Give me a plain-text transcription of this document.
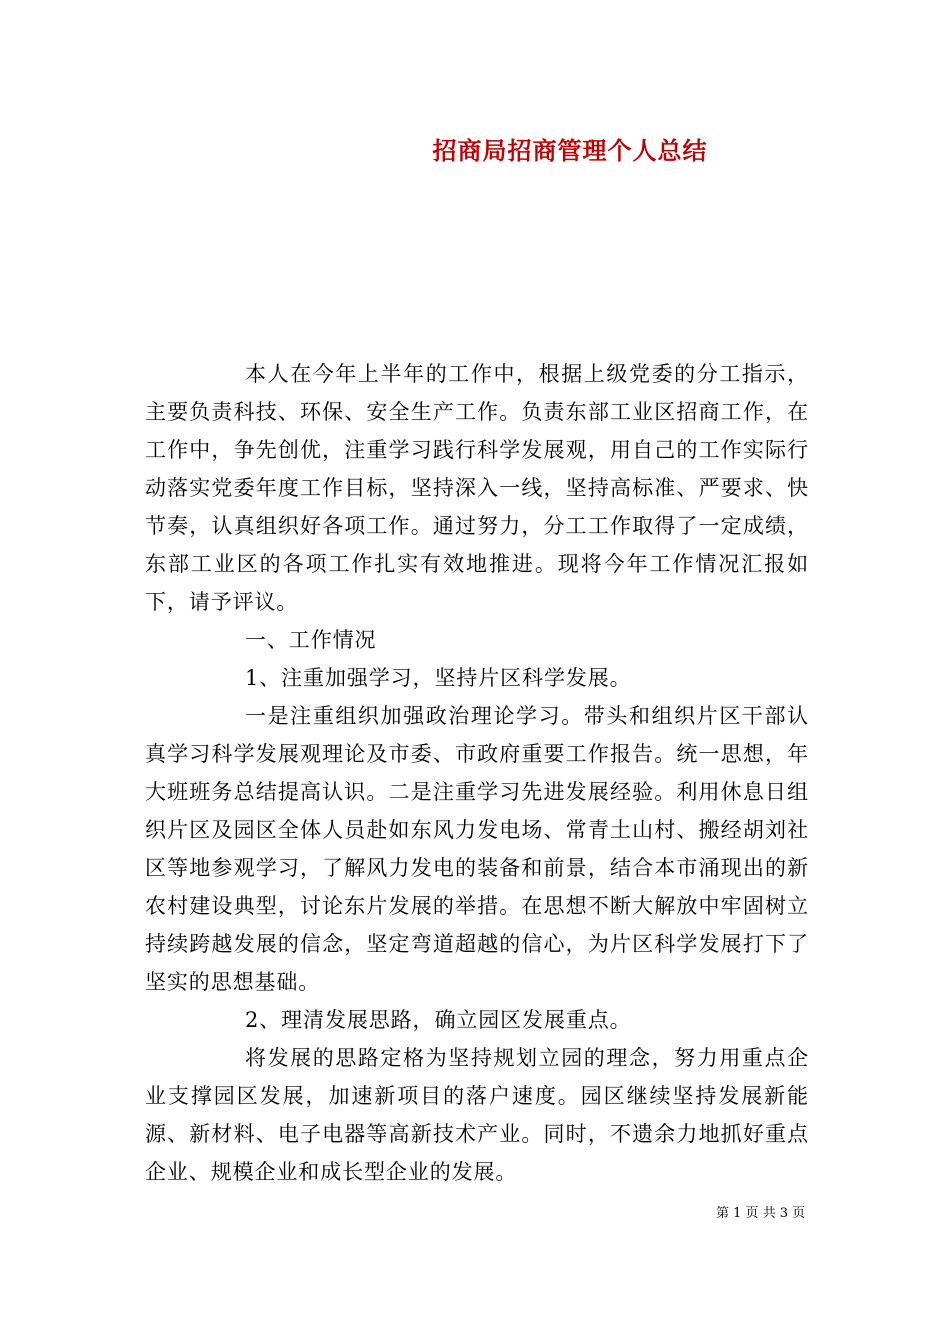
招商局招商管理个人总结

本人在今年上半年的工作中，根据上级党委的分工指示，主要负责科技、环保、安全生产工作。负责东部工业区招商工作，在工作中，争先创优，注重学习践行科学发展观，用自己的工作实际行动落实党委年度工作目标，坚持深入一线，坚持高标准、严要求、快节奏，认真组织好各项工作。通过努力，分工工作取得了一定成绩，东部工业区的各项工作扎实有效地推进。现将今年工作情况汇报如下，请予评议。

一、工作情况

1、注重加强学习，坚持片区科学发展。

一是注重组织加强政治理论学习。带头和组织片区干部认真学习科学发展观理论及市委、市政府重要工作报告。统一思想，年大班班务总结提高认识。二是注重学习先进发展经验。利用休息日组织片区及园区全体人员赴如东风力发电场、常青土山村、搬经胡刘社区等地参观学习，了解风力发电的装备和前景，结合本市涌现出的新农村建设典型，讨论东片发展的举措。在思想不断大解放中牢固树立持续跨越发展的信念，坚定弯道超越的信心，为片区科学发展打下了坚实的思想基础。

2、理清发展思路，确立园区发展重点。

将发展的思路定格为坚持规划立园的理念，努力用重点企业支撑园区发展，加速新项目的落户速度。园区继续坚持发展新能源、新材料、电子电器等高新技术产业。同时，不遗余力地抓好重点企业、规模企业和成长型企业的发展。

第 1 页 共 3 页
